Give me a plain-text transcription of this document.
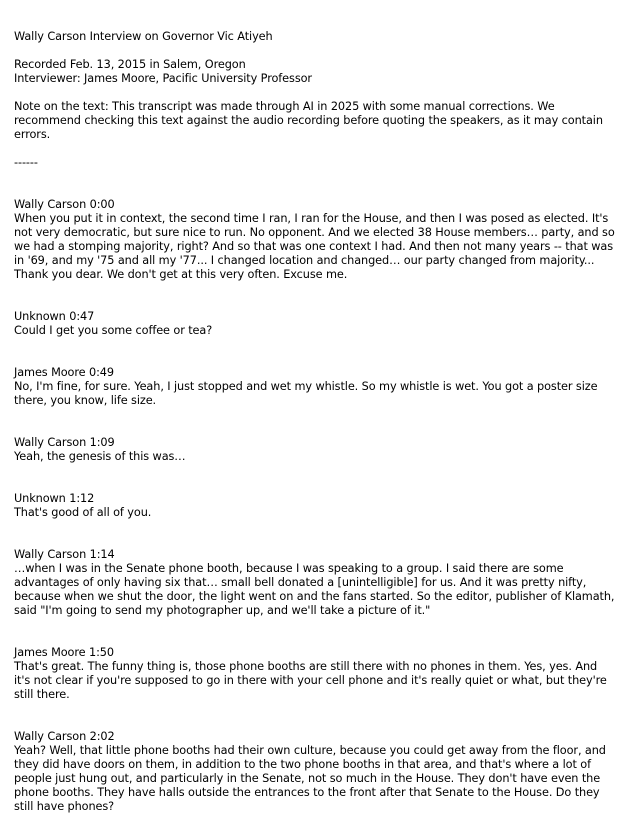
Wally Carson Interview on Governor Vic Atiyeh
Recorded Feb. 13, 2015 in Salem, Oregon
Interviewer: James Moore, Pacific University Professor
Note on the text: This transcript was made through AI in 2025 with some manual corrections. We
recommend checking this text against the audio recording before quoting the speakers, as it may contain
errors.
------
Wally Carson 0:00
When you put it in context, the second time I ran, I ran for the House, and then I was posed as elected. It's
not very democratic, but sure nice to run. No opponent. And we elected 38 House members… party, and so
we had a stomping majority, right? And so that was one context I had. And then not many years -- that was
in '69, and my '75 and all my '77... I changed location and changed… our party changed from majority...
Thank you dear. We don't get at this very often. Excuse me.
Unknown 0:47
Could I get you some coffee or tea?
James Moore 0:49
No, I'm fine, for sure. Yeah, I just stopped and wet my whistle. So my whistle is wet. You got a poster size
there, you know, life size.
Wally Carson 1:09
Yeah, the genesis of this was…
Unknown 1:12
That's good of all of you.
Wally Carson 1:14
…when I was in the Senate phone booth, because I was speaking to a group. I said there are some
advantages of only having six that… small bell donated a [unintelligible] for us. And it was pretty nifty,
because when we shut the door, the light went on and the fans started. So the editor, publisher of Klamath,
said "I'm going to send my photographer up, and we'll take a picture of it."
James Moore 1:50
That's great. The funny thing is, those phone booths are still there with no phones in them. Yes, yes. And
it's not clear if you're supposed to go in there with your cell phone and it's really quiet or what, but they're
still there.
Wally Carson 2:02
Yeah? Well, that little phone booths had their own culture, because you could get away from the floor, and
they did have doors on them, in addition to the two phone booths in that area, and that's where a lot of
people just hung out, and particularly in the Senate, not so much in the House. They don't have even the
phone booths. They have halls outside the entrances to the front after that Senate to the House. Do they
still have phones?
